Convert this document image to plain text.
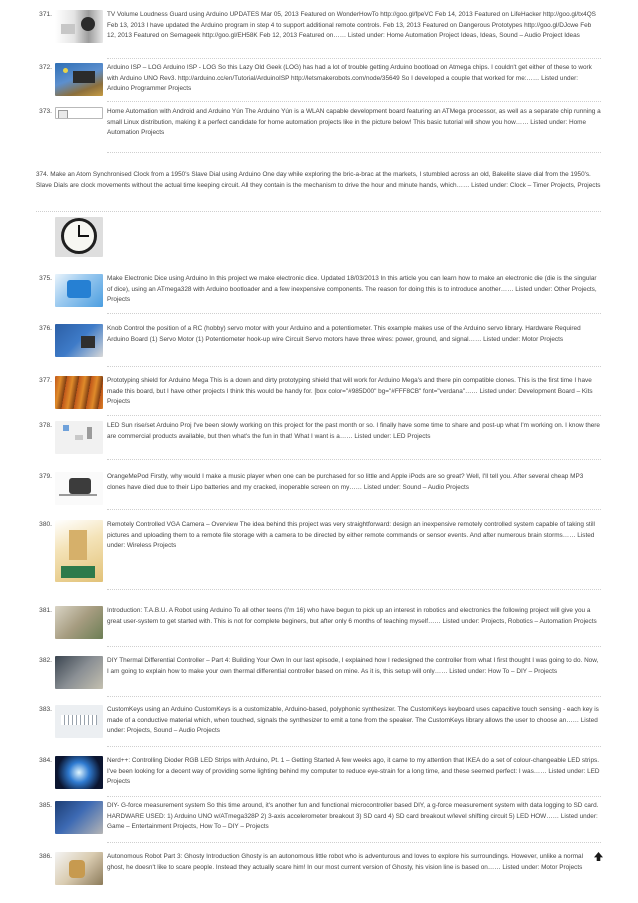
371.	TV Volume Loudness Guard using Arduino UPDATES Mar 05, 2013 Featured on WonderHowTo http://goo.gl/fpeVC Feb 14, 2013 Featured on LifeHacker http://goo.gl/tx4QS Feb 13, 2013 I have updated the Arduino program in step 4 to support additional remote controls. Feb 13, 2013 Featured on Dangerous Prototypes http://goo.gl/DJcwe Feb 12, 2013 Featured on Semageek http://goo.gl/EH58K Feb 12, 2013 Featured on…… Listed under: Home Automation Project Ideas, Ideas, Sound – Audio Project Ideas
372.	Arduino ISP – LOG Arduino ISP - LOG So this Lazy Old Geek (LOG) has had a lot of trouble getting Arduino bootload on Atmega chips. I couldn't get either of these to work with Arduino UNO Rev3. http://arduino.cc/en/Tutorial/ArduinoISP http://letsmakerobots.com/node/35649 So I developed a couple that worked for me:…… Listed under: Arduino Programmer Projects
373.	Home Automation with Android and Arduino Yún The Arduino Yún is a WLAN capable development board featuring an ATMega processor, as well as a separate chip running a small Linux distribution, making it a perfect candidate for home automation projects like in the picture below! This basic tutorial will show you how…… Listed under: Home Automation Projects
374. Make an Atom Synchronised Clock from a 1950's Slave Dial using Arduino One day while exploring the bric-a-brac at the markets, I stumbled across an old, Bakelite slave dial from the 1950's. Slave Dials are clock movements without the actual time keeping circuit. All they contain is the mechanism to drive the hour and minute hands, which…… Listed under: Clock – Timer Projects, Projects
375.	Make Electronic Dice using Arduino In this project we make electronic dice. Updated 18/03/2013 In this article you can learn how to make an electronic die (die is the singular of dice), using an ATmega328 with Arduino bootloader and a few inexpensive components. The reason for doing this is to introduce another…… Listed under: Other Projects, Projects
376.	Knob Control the position of a RC (hobby) servo motor with your Arduino and a potentiometer. This example makes use of the Arduino servo library. Hardware Required Arduino Board (1) Servo Motor (1) Potentiometer hook-up wire Circuit Servo motors have three wires: power, ground, and signal…… Listed under: Motor Projects
377.	Prototyping shield for Arduino Mega This is a down and dirty prototyping shield that will work for Arduino Mega's and there pin compatible clones. This is the first time I have made this board, but I have other projects I think this would be handy for. [box color="#985D00" bg="#FFF8CB" font="verdana"…… Listed under: Development Board – Kits Projects
378.	LED Sun rise/set Arduino Proj I've been slowly working on this project for the past month or so. I finally have some time to share and post-up what I'm working on. I know there are commercial products available, but then what's the fun in that! What I want is a…… Listed under: LED Projects
379.	OrangeMePod Firstly, why would I make a music player when one can be purchased for so little and Apple iPods are so great? Well, I'll tell you. After several cheap MP3 clones have died due to their Lipo batteries and my cracked, inoperable screen on my…… Listed under: Sound – Audio Projects
380.	Remotely Controlled VGA Camera – Overview The idea behind this project was very straightforward: design an inexpensive remotely controlled system capable of taking still pictures and uploading them to a remote file storage with a camera to be directed by either remote commands or sensor events. And after numerous brain storms…… Listed under: Wireless Projects
381.	Introduction: T.A.B.U. A Robot using Arduino To all other teens (I'm 16) who have begun to pick up an interest in robotics and electronics the following project will give you a great user-system to get started with. This is not for complete beginers, but after only 6 months of teaching myself…… Listed under: Projects, Robotics – Automation Projects
382.	DIY Thermal Differential Controller – Part 4: Building Your Own In our last episode, I explained how I redesigned the controller from what I first thought I was going to do. Now, I am going to explain how to make your own thermal differential controller based on mine. As it is, this setup will only…… Listed under: How To – DIY – Projects
383.	CustomKeys using an Arduino CustomKeys is a customizable, Arduino-based, polyphonic synthesizer. The CustomKeys keyboard uses capacitive touch sensing - each key is made of a conductive material which, when touched, signals the synthesizer to emit a tone from the speaker. The CustomKeys library allows the user to choose an…… Listed under: Projects, Sound – Audio Projects
384.	Nerd++: Controlling Dioder RGB LED Strips with Arduino, Pt. 1 – Getting Started A few weeks ago, it came to my attention that IKEA do a set of colour-changeable LED strips. I've been looking for a decent way of providing some lighting behind my computer to reduce eye-strain for a long time, and these seemed perfect: I was…… Listed under: LED Projects
385.	DIY- G-force measurement system So this time around, it's another fun and functional microcontroller based DIY, a g-force measurement system with data logging to SD card. HARDWARE USED: 1) Arduino UNO w/ATmega328P 2) 3-axis accelerometer breakout 3) SD card 4) SD card breakout w/level shifting circuit 5) LED HOW…… Listed under: Game – Entertainment Projects, How To – DIY – Projects
386.	Autonomous Robot Part 3: Ghosty Introduction Ghosty is an autonomous little robot who is adventurous and loves to explore his surroundings. However, unlike a normal ghost, he doesn't like to scare people. Instead they actually scare him! In our most current version of Ghosty, his vision line is based on…… Listed under: Motor Projects
